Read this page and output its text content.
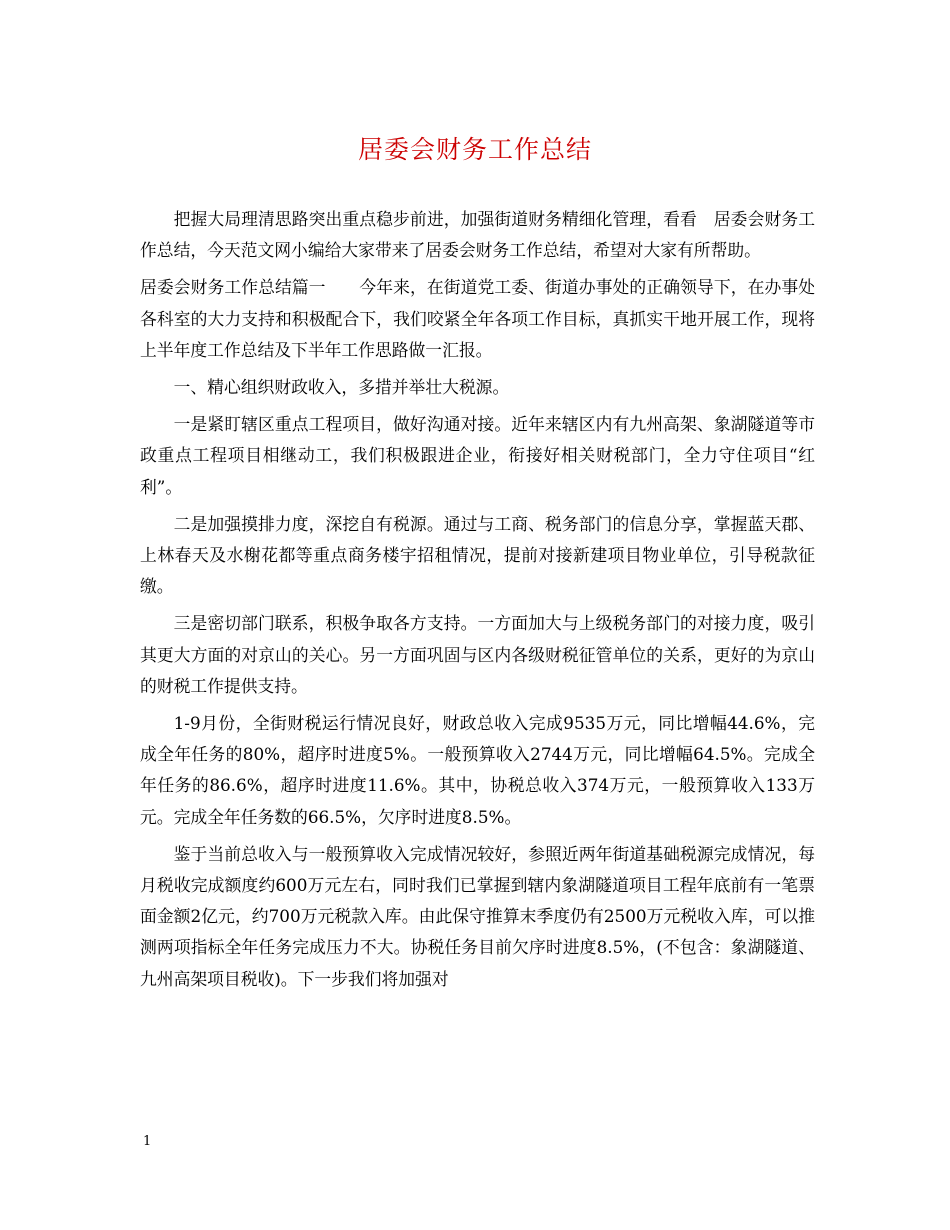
居委会财务工作总结

把握大局理清思路突出重点稳步前进，加强街道财务精细化管理，看看　居委会财务工作总结，今天范文网小编给大家带来了居委会财务工作总结，希望对大家有所帮助。

居委会财务工作总结篇一　　今年来，在街道党工委、街道办事处的正确领导下，在办事处各科室的大力支持和积极配合下，我们咬紧全年各项工作目标，真抓实干地开展工作，现将上半年度工作总结及下半年工作思路做一汇报。

一、精心组织财政收入，多措并举壮大税源。

一是紧盯辖区重点工程项目，做好沟通对接。近年来辖区内有九州高架、象湖隧道等市政重点工程项目相继动工，我们积极跟进企业，衔接好相关财税部门，全力守住项目“红利”。

二是加强摸排力度，深挖自有税源。通过与工商、税务部门的信息分享，掌握蓝天郡、上林春天及水榭花都等重点商务楼宇招租情况，提前对接新建项目物业单位，引导税款征缴。

三是密切部门联系，积极争取各方支持。一方面加大与上级税务部门的对接力度，吸引其更大方面的对京山的关心。另一方面巩固与区内各级财税征管单位的关系，更好的为京山的财税工作提供支持。

1-9月份，全街财税运行情况良好，财政总收入完成9535万元，同比增幅44.6%，完成全年任务的80%，超序时进度5%。一般预算收入2744万元，同比增幅64.5%。完成全年任务的86.6%，超序时进度11.6%。其中，协税总收入374万元，一般预算收入133万元。完成全年任务数的66.5%，欠序时进度8.5%。

鉴于当前总收入与一般预算收入完成情况较好，参照近两年街道基础税源完成情况，每月税收完成额度约600万元左右，同时我们已掌握到辖内象湖隧道项目工程年底前有一笔票面金额2亿元，约700万元税款入库。由此保守推算末季度仍有2500万元税收入库，可以推测两项指标全年任务完成压力不大。协税任务目前欠序时进度8.5%，(不包含：象湖隧道、九州高架项目税收)。下一步我们将加强对

1
